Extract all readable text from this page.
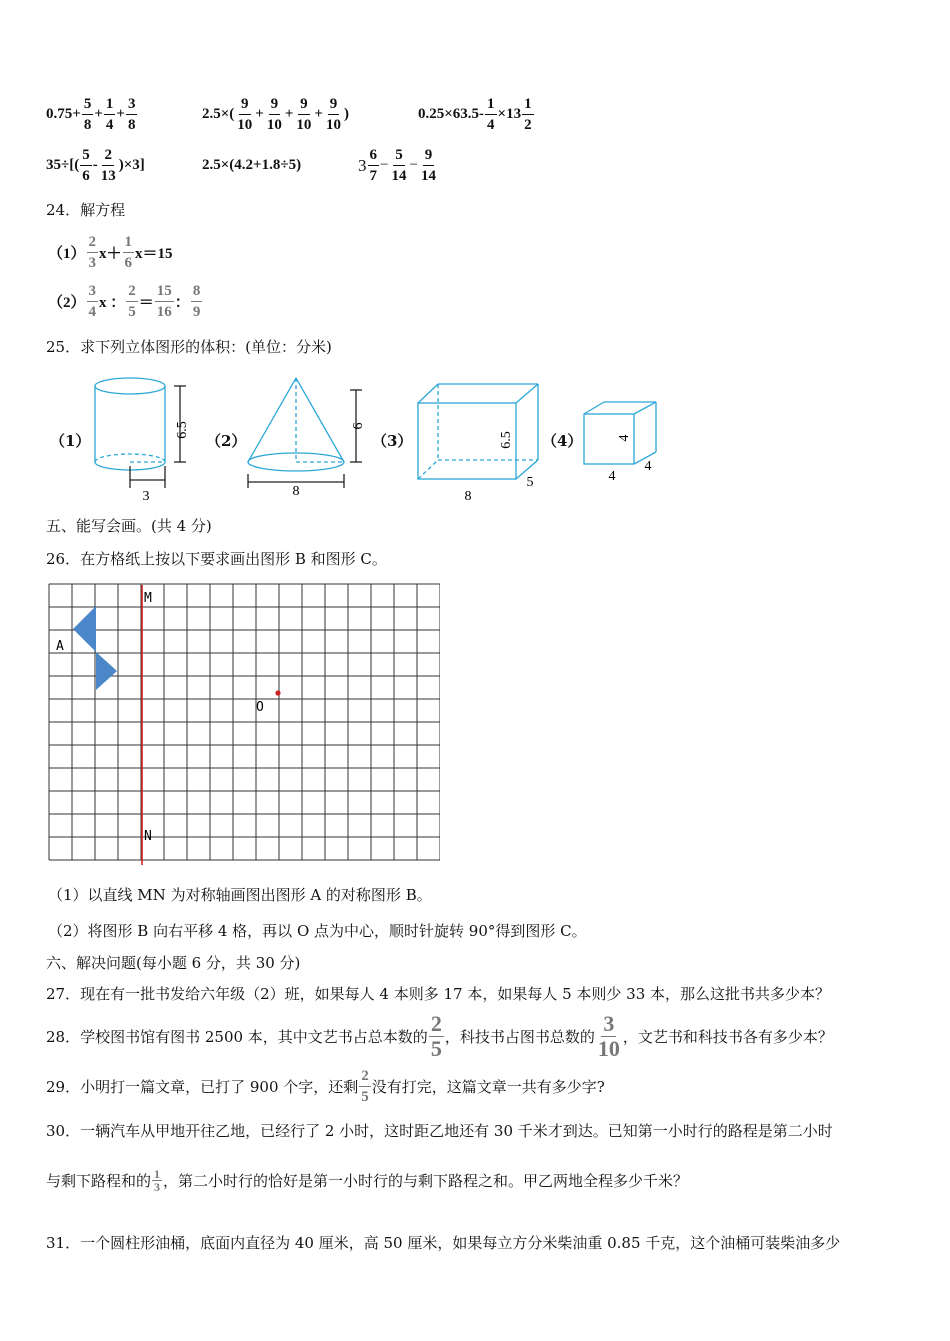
$0.75+ \frac{5}{8} + \frac{1}{4} + \frac{3}{8}$	$2.5\times( \frac{9}{10} + \frac{9}{10} + \frac{9}{10} + \frac{9}{10}$ )	$0.25\times 63.5- \frac{1}{4} \times 13 \frac{1}{2}$
$35\div[( \frac{5}{6} - \frac{2}{13} )\times 3]$	2.5×(4.2+1.8÷5)	$3 \frac{6}{7} - \frac{5}{14} - \frac{9}{14}$
24．解方程
$(1) \frac{2}{3} x+ \frac{1}{6} x=15$
$(2) \frac{3}{4}$ x ： $\frac{2}{5} = \frac{15}{16}$ ： $\frac{8}{9}$
25．求下列立体图形的体积：(单位：分米)
（1）	（2）	（3）	（4）
6.5
3
6
8
6.5
8
5
4
4
4
五、能写会画。(共 4 分)
26．在方格纸上按以下要求画出图形 B 和图形 C。
M
N
A
O
（1）以直线 MN 为对称轴画图出图形 A 的对称图形 B。
（2）将图形 B 向右平移 4 格，再以 O 点为中心，顺时针旋转 90°得到图形 C。
六、解决问题(每小题 6 分，共 30 分)
27．现在有一批书发给六年级（2）班，如果每人 4 本则多 17 本，如果每人 5 本则少 33 本，那么这批书共多少本？
28．学校图书馆有图书 2500 本，其中文艺书占总本数的 $\frac{2}{5}$ ，科技书占图书总数的 $\frac{3}{10}$ ，文艺书和科技书各有多少本？
29．小明打一篇文章，已打了 900 个字，还剩 $\frac{2}{5}$ 没有打完，这篇文章一共有多少字?
30．一辆汽车从甲地开往乙地，已经行了 2 小时，这时距乙地还有 30 千米才到达。已知第一小时行的路程是第二小时
与剩下路程和的 $\frac{1}{3}$ ，第二小时行的恰好是第一小时行的与剩下路程之和。甲乙两地全程多少千米？
31．一个圆柱形油桶，底面内直径为 40 厘米，高 50 厘米，如果每立方分米柴油重 0.85 千克，这个油桶可装柴油多少
